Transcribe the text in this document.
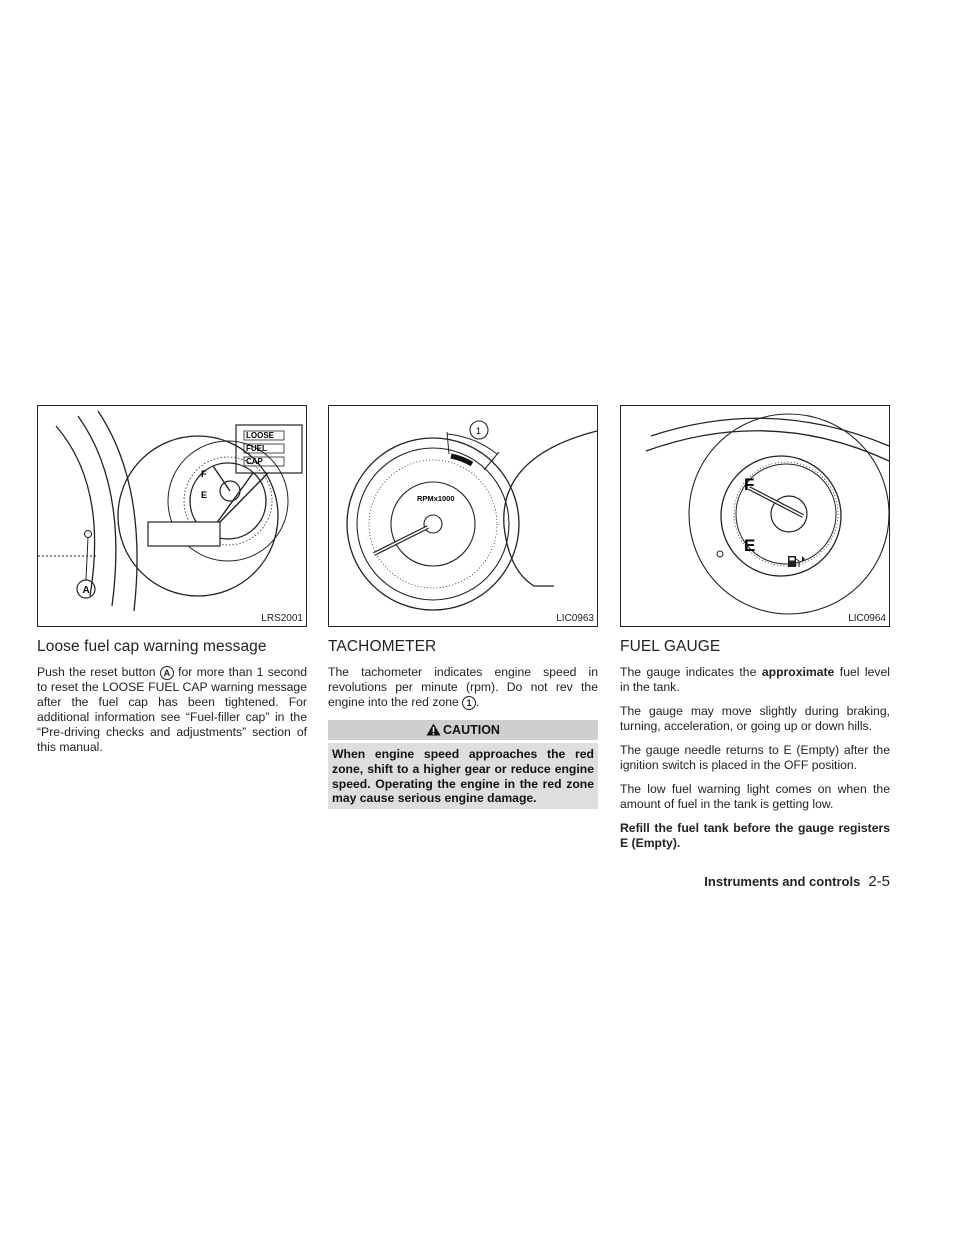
LOOSE
FUEL
CAP
F
E
A
LRS2001
Loose fuel cap warning message

Push the reset button A for more than 1 second to reset the LOOSE FUEL CAP warning message after the fuel cap has been tightened. For additional information see “Fuel-filler cap” in the “Pre-driving checks and adjustments” section of this manual.

RPMx1000
1
LIC0963
TACHOMETER

The tachometer indicates engine speed in revolutions per minute (rpm). Do not rev the engine into the red zone 1 .

CAUTION
When engine speed approaches the red zone, shift to a higher gear or reduce engine speed. Operating the engine in the red zone may cause serious engine damage.
F
E
LIC0964
FUEL GAUGE

The gauge indicates the approximate fuel level in the tank.

The gauge may move slightly during braking, turning, acceleration, or going up or down hills.

The gauge needle returns to E (Empty) after the ignition switch is placed in the OFF position.

The low fuel warning light comes on when the amount of fuel in the tank is getting low.

Refill the fuel tank before the gauge registers E (Empty).

Instruments and controls 2-5
